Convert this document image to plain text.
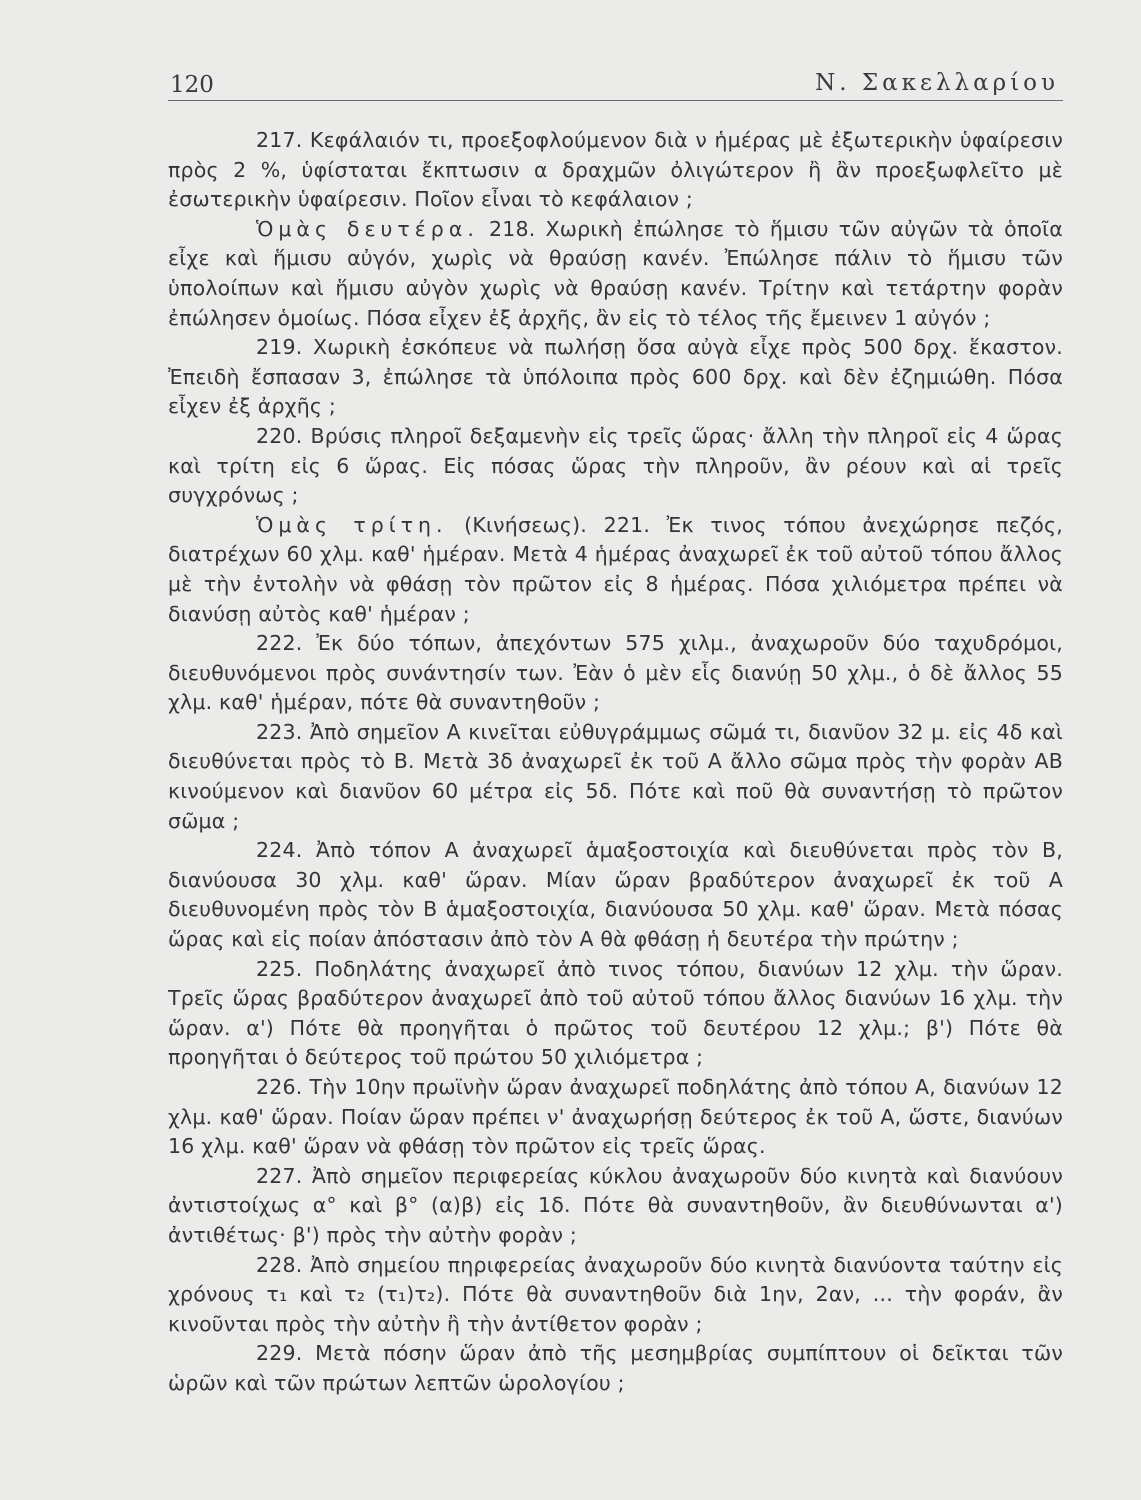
120	Ν. Σακελλαρίου

217. Κεφάλαιόν τι, προεξοφλούμενον διὰ ν ἡμέρας μὲ ἐξωτερικὴν ὑφαίρεσιν πρὸς 2 %, ὑφίσταται ἔκπτωσιν α δραχμῶν ὀλιγώτερον ἢ ἂν προεξωφλεῖτο μὲ ἐσωτερικὴν ὑφαίρεσιν. Ποῖον εἶναι τὸ κεφάλαιον ;

Ὁμὰς δευτέρα. 218. Χωρικὴ ἐπώλησε τὸ ἥμισυ τῶν αὐγῶν τὰ ὁποῖα εἶχε καὶ ἥμισυ αὐγόν, χωρὶς νὰ θραύσῃ κανέν. Ἐπώλησε πάλιν τὸ ἥμισυ τῶν ὑπολοίπων καὶ ἥμισυ αὐγὸν χωρὶς νὰ θραύσῃ κανέν. Τρίτην καὶ τετάρτην φορὰν ἐπώλησεν ὁμοίως. Πόσα εἶχεν ἐξ ἀρχῆς, ἂν εἰς τὸ τέλος τῆς ἔμεινεν 1 αὐγόν ;

219. Χωρικὴ ἐσκόπευε νὰ πωλήσῃ ὅσα αὐγὰ εἶχε πρὸς 500 δρχ. ἕκαστον. Ἐπειδὴ ἔσπασαν 3, ἐπώλησε τὰ ὑπόλοιπα πρὸς 600 δρχ. καὶ δὲν ἐζημιώθη. Πόσα εἶχεν ἐξ ἀρχῆς ;

220. Βρύσις πληροῖ δεξαμενὴν εἰς τρεῖς ὥρας· ἄλλη τὴν πληροῖ εἰς 4 ὥρας καὶ τρίτη εἰς 6 ὥρας. Εἰς πόσας ὥρας τὴν πληροῦν, ἂν ρέουν καὶ αἱ τρεῖς συγχρόνως ;

Ὁμὰς τρίτη. (Κινήσεως). 221. Ἐκ τινος τόπου ἀνεχώρησε πεζός, διατρέχων 60 χλμ. καθ' ἡμέραν. Μετὰ 4 ἡμέρας ἀναχωρεῖ ἐκ τοῦ αὐτοῦ τόπου ἄλλος μὲ τὴν ἐντολὴν νὰ φθάσῃ τὸν πρῶτον εἰς 8 ἡμέρας. Πόσα χιλιόμετρα πρέπει νὰ διανύσῃ αὐτὸς καθ' ἡμέραν ;

222. Ἐκ δύο τόπων, ἀπεχόντων 575 χιλμ., ἀναχωροῦν δύο ταχυδρόμοι, διευθυνόμενοι πρὸς συνάντησίν των. Ἐὰν ὁ μὲν εἷς διανύῃ 50 χλμ., ὁ δὲ ἄλλος 55 χλμ. καθ' ἡμέραν, πότε θὰ συναντηθοῦν ;

223. Ἀπὸ σημεῖον Α κινεῖται εὐθυγράμμως σῶμά τι, διανῦον 32 μ. εἰς 4δ καὶ διευθύνεται πρὸς τὸ Β. Μετὰ 3δ ἀναχωρεῖ ἐκ τοῦ Α ἄλλο σῶμα πρὸς τὴν φορὰν ΑΒ κινούμενον καὶ διανῦον 60 μέτρα εἰς 5δ. Πότε καὶ ποῦ θὰ συναντήσῃ τὸ πρῶτον σῶμα ;

224. Ἀπὸ τόπον Α ἀναχωρεῖ ἁμαξοστοιχία καὶ διευθύνεται πρὸς τὸν Β, διανύουσα 30 χλμ. καθ' ὥραν. Μίαν ὥραν βραδύτερον ἀναχωρεῖ ἐκ τοῦ Α διευθυνομένη πρὸς τὸν Β ἁμαξοστοιχία, διανύουσα 50 χλμ. καθ' ὥραν. Μετὰ πόσας ὥρας καὶ εἰς ποίαν ἀπόστασιν ἀπὸ τὸν Α θὰ φθάσῃ ἡ δευτέρα τὴν πρώτην ;

225. Ποδηλάτης ἀναχωρεῖ ἀπὸ τινος τόπου, διανύων 12 χλμ. τὴν ὥραν. Τρεῖς ὥρας βραδύτερον ἀναχωρεῖ ἀπὸ τοῦ αὐτοῦ τόπου ἄλλος διανύων 16 χλμ. τὴν ὥραν. α') Πότε θὰ προηγῆται ὁ πρῶτος τοῦ δευτέρου 12 χλμ.; β') Πότε θὰ προηγῆται ὁ δεύτερος τοῦ πρώτου 50 χιλιόμετρα ;

226. Τὴν 10ην πρωϊνὴν ὥραν ἀναχωρεῖ ποδηλάτης ἀπὸ τόπου Α, διανύων 12 χλμ. καθ' ὥραν. Ποίαν ὥραν πρέπει ν' ἀναχωρήσῃ δεύτερος ἐκ τοῦ Α, ὥστε, διανύων 16 χλμ. καθ' ὥραν νὰ φθάσῃ τὸν πρῶτον εἰς τρεῖς ὥρας.

227. Ἀπὸ σημεῖον περιφερείας κύκλου ἀναχωροῦν δύο κινητὰ καὶ διανύουν ἀντιστοίχως α° καὶ β° (α)β) εἰς 1δ. Πότε θὰ συναντηθοῦν, ἂν διευθύνωνται α') ἀντιθέτως· β') πρὸς τὴν αὐτὴν φορὰν ;

228. Ἀπὸ σημείου πηριφερείας ἀναχωροῦν δύο κινητὰ διανύοντα ταύτην εἰς χρόνους τ₁ καὶ τ₂ (τ₁)τ₂). Πότε θὰ συναντηθοῦν διὰ 1ην, 2αν, ... τὴν φοράν, ἂν κινοῦνται πρὸς τὴν αὐτὴν ἢ τὴν ἀντίθετον φορὰν ;

229. Μετὰ πόσην ὥραν ἀπὸ τῆς μεσημβρίας συμπίπτουν οἱ δεῖκται τῶν ὡρῶν καὶ τῶν πρώτων λεπτῶν ὡρολογίου ;
